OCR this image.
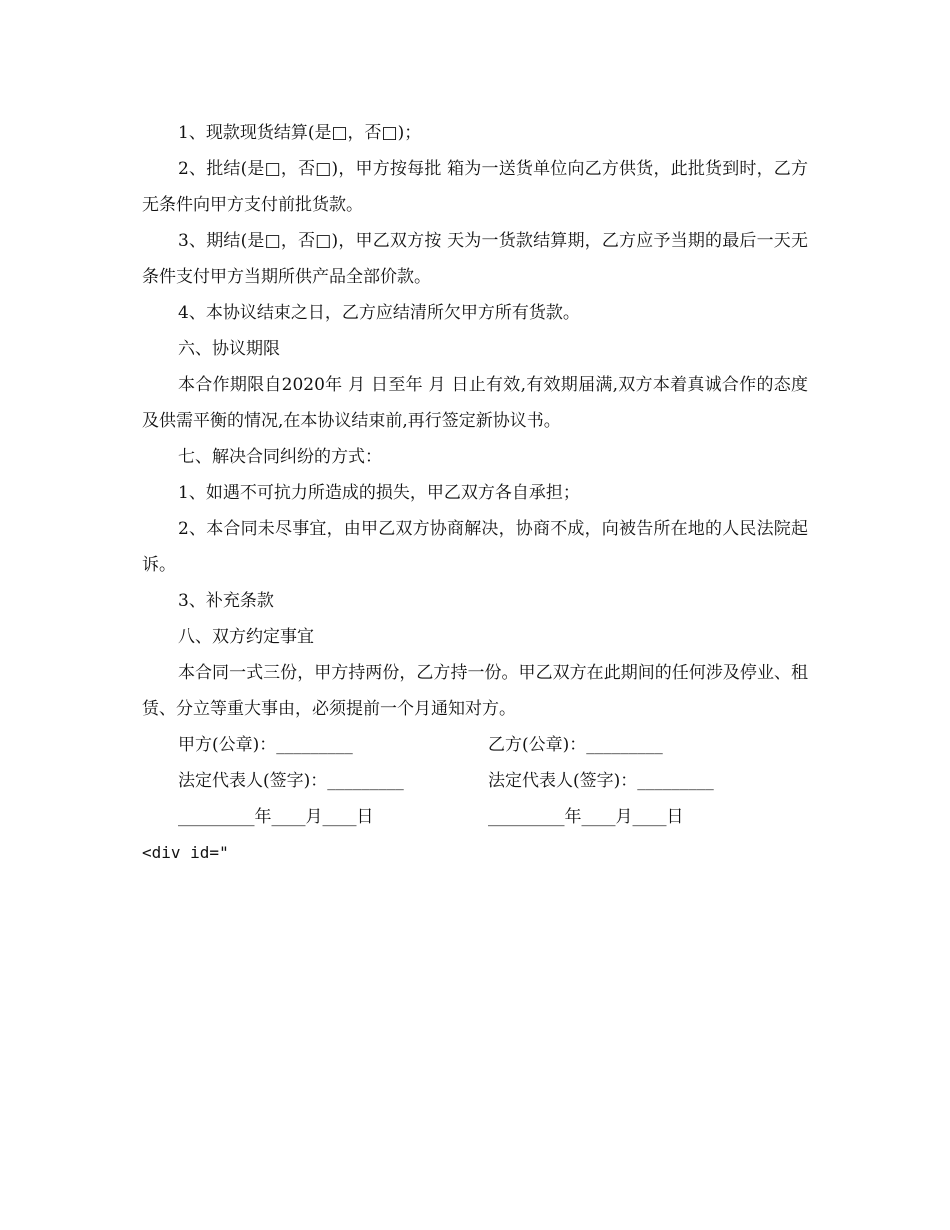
1、现款现货结算(是□，否□)；

2、批结(是□，否□)，甲方按每批 箱为一送货单位向乙方供货，此批货到时，乙方无条件向甲方支付前批货款。

3、期结(是□，否□)，甲乙双方按 天为一货款结算期，乙方应予当期的最后一天无条件支付甲方当期所供产品全部价款。

4、本协议结束之日，乙方应结清所欠甲方所有货款。

六、协议期限

本合作期限自2020年 月 日至年 月 日止有效,有效期届满,双方本着真诚合作的态度及供需平衡的情况,在本协议结束前,再行签定新协议书。

七、解决合同纠纷的方式：

1、如遇不可抗力所造成的损失，甲乙双方各自承担；

2、本合同未尽事宜，由甲乙双方协商解决，协商不成，向被告所在地的人民法院起诉。

3、补充条款

八、双方约定事宜

本合同一式三份，甲方持两份，乙方持一份。甲乙双方在此期间的任何涉及停业、租赁、分立等重大事由，必须提前一个月通知对方。

甲方(公章)：_________	乙方(公章)：_________
法定代表人(签字)：_________	法定代表人(签字)：_________
_________年____月____日	_________年____月____日

<div id="
